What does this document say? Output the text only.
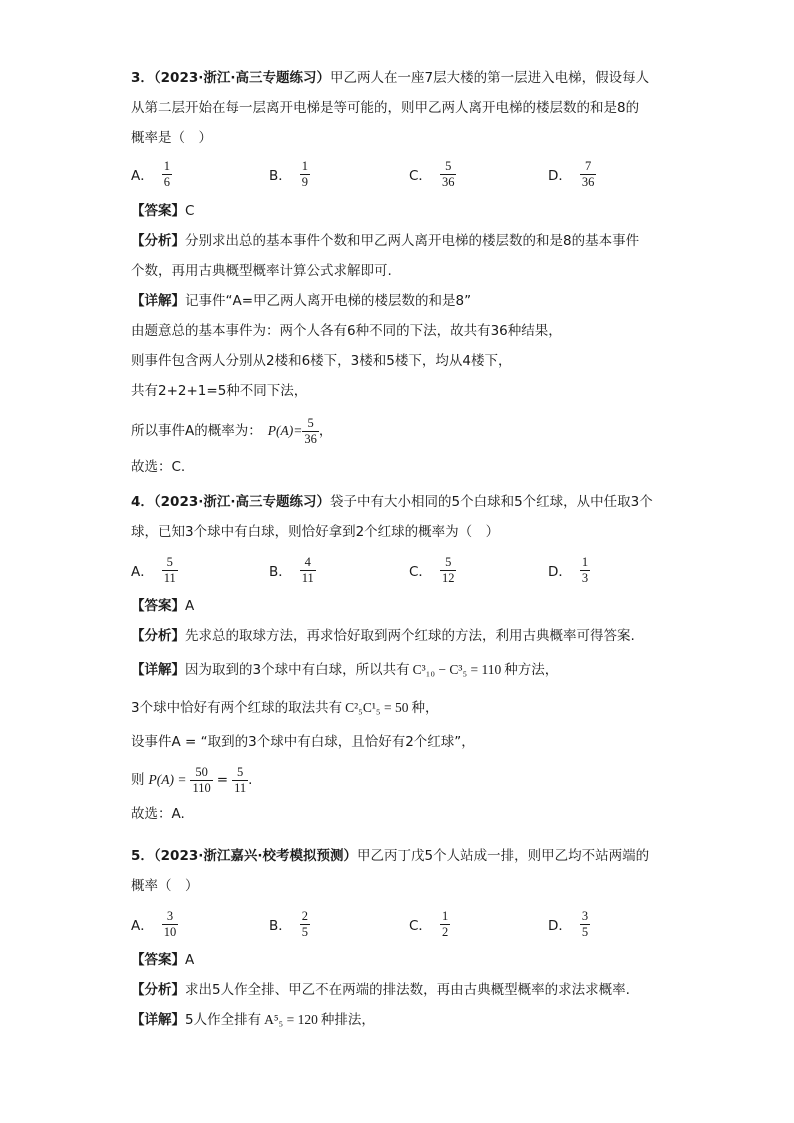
3．（2023·浙江·高三专题练习）甲乙两人在一座7层大楼的第一层进入电梯，假设每人
从第二层开始在每一层离开电梯是等可能的，则甲乙两人离开电梯的楼层数的和是8的
概率是（　）
A． $\frac{1}{6}$	B． $\frac{1}{9}$	C． $\frac{5}{36}$	D． $\frac{7}{36}$
【答案】C
【分析】分别求出总的基本事件个数和甲乙两人离开电梯的楼层数的和是8的基本事件
个数，再用古典概型概率计算公式求解即可.
【详解】记事件“A=甲乙两人离开电梯的楼层数的和是8”
由题意总的基本事件为：两个人各有6种不同的下法，故共有36种结果，
则事件包含两人分别从2楼和6楼下，3楼和5楼下，均从4楼下，
共有2+2+1=5种不同下法，
所以事件A的概率为： $P(A)= \frac{5}{36}$ ，
故选：C.
4．（2023·浙江·高三专题练习）袋子中有大小相同的5个白球和5个红球，从中任取3个
球，已知3个球中有白球，则恰好拿到2个红球的概率为（　）
A． $\frac{5}{11}$	B． $\frac{4}{11}$	C． $\frac{5}{12}$	D． $\frac{1}{3}$
【答案】A
【分析】先求总的取球方法，再求恰好取到两个红球的方法，利用古典概率可得答案.
【详解】因为取到的3个球中有白球，所以共有 C³₁₀ − C³₅ = 110 种方法，
3个球中恰好有两个红球的取法共有 C²₅C¹₅ = 50 种，
设事件A = “取到的3个球中有白球，且恰好有2个红球”，
则 $P(A) = \frac{50}{110} = \frac{5}{11}$ .
故选：A.
5．（2023·浙江嘉兴·校考模拟预测）甲乙丙丁戊5个人站成一排，则甲乙均不站两端的
概率（　）
A． $\frac{3}{10}$	B． $\frac{2}{5}$	C． $\frac{1}{2}$	D． $\frac{3}{5}$
【答案】A
【分析】求出5人作全排、甲乙不在两端的排法数，再由古典概型概率的求法求概率.
【详解】5人作全排有 A⁵₅ = 120 种排法，
